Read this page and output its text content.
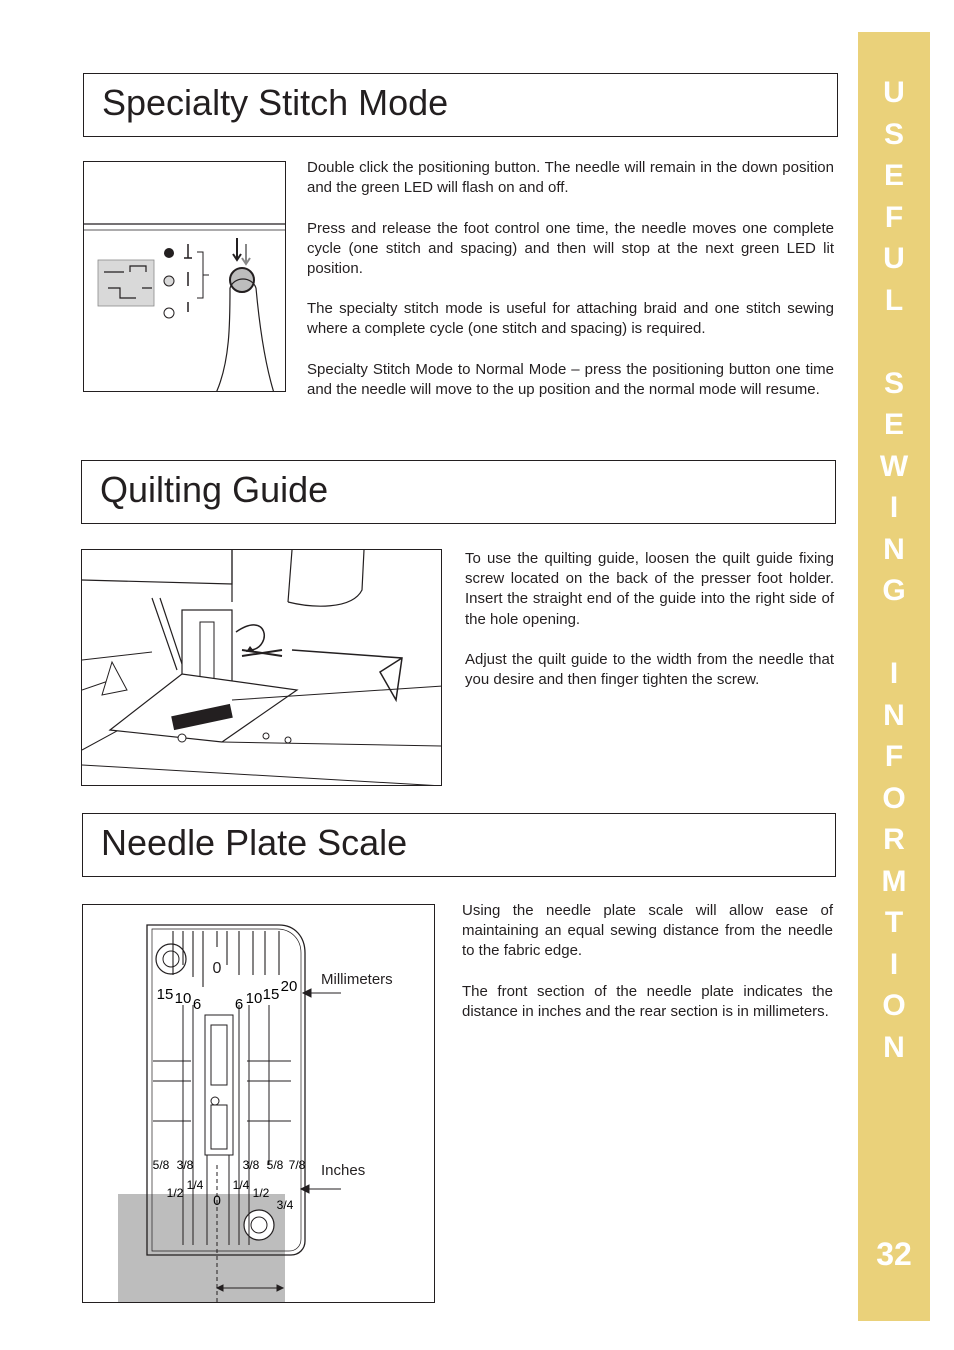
Specialty Stitch Mode

Double click the positioning button. The needle will remain in the down position and the green LED will flash on and off.

Press and release the foot control one time, the needle moves one complete cycle (one stitch and spacing) and then will stop at the next green LED lit position.

The specialty stitch mode is useful for attaching braid and one stitch sewing where a complete cycle (one stitch and spacing) is required.

Specialty Stitch Mode to Normal Mode – press the positioning button one time and the needle will move to the up position and the normal mode will resume.

Quilting Guide

To use the quilting guide, loosen the quilt guide fixing screw located on the back of the presser foot holder. Insert the straight end of the guide into the right side of the hole opening.

Adjust the quilt guide to the width from the needle that you desire and then finger tighten the screw.

Needle Plate Scale
0
15 10 6 6 10 15 20
5/8 3/8
1/2
1/4
0
1/4
3/8
1/2
5/8
3/4
7/8
Millimeters
Inches

Using the needle plate scale will allow ease of maintaining an equal sewing distance from the needle to the fabric edge.

The front section of the needle plate indicates the distance in inches and the rear section is in millimeters.

U
S
E
F
U
L
S
E
W
I
N
G
I
N
F
O
R
M
T
I
O
N
32
